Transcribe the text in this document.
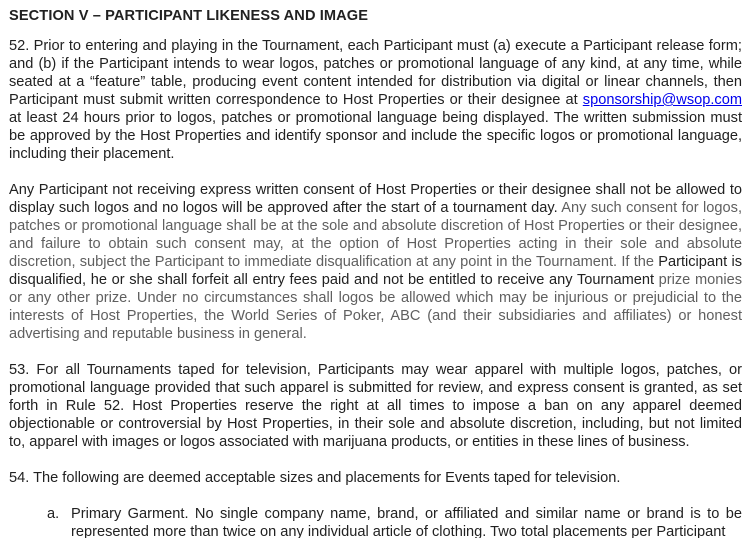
SECTION V – PARTICIPANT LIKENESS AND IMAGE

52. Prior to entering and playing in the Tournament, each Participant must (a) execute a Participant release form; and (b) if the Participant intends to wear logos, patches or promotional language of any kind, at any time, while seated at a “feature” table, producing event content intended for distribution via digital or linear channels, then Participant must submit written correspondence to Host Properties or their designee at sponsorship@wsop.com at least 24 hours prior to logos, patches or promotional language being displayed. The written submission must be approved by the Host Properties and identify sponsor and include the specific logos or promotional language, including their placement.

Any Participant not receiving express written consent of Host Properties or their designee shall not be allowed to display such logos and no logos will be approved after the start of a tournament day. Any such consent for logos, patches or promotional language shall be at the sole and absolute discretion of Host Properties or their designee, and failure to obtain such consent may, at the option of Host Properties acting in their sole and absolute discretion, subject the Participant to immediate disqualification at any point in the Tournament. If the Participant is disqualified, he or she shall forfeit all entry fees paid and not be entitled to receive any Tournament prize monies or any other prize. Under no circumstances shall logos be allowed which may be injurious or prejudicial to the interests of Host Properties, the World Series of Poker, ABC (and their subsidiaries and affiliates) or honest advertising and reputable business in general.

53. For all Tournaments taped for television, Participants may wear apparel with multiple logos, patches, or promotional language provided that such apparel is submitted for review, and express consent is granted, as set forth in Rule 52. Host Properties reserve the right at all times to impose a ban on any apparel deemed objectionable or controversial by Host Properties, in their sole and absolute discretion, including, but not limited to, apparel with images or logos associated with marijuana products, or entities in these lines of business.

54. The following are deemed acceptable sizes and placements for Events taped for television.

a. Primary Garment. No single company name, brand, or affiliated and similar name or brand is to be represented more than twice on any individual article of clothing. Two total placements per Participant
